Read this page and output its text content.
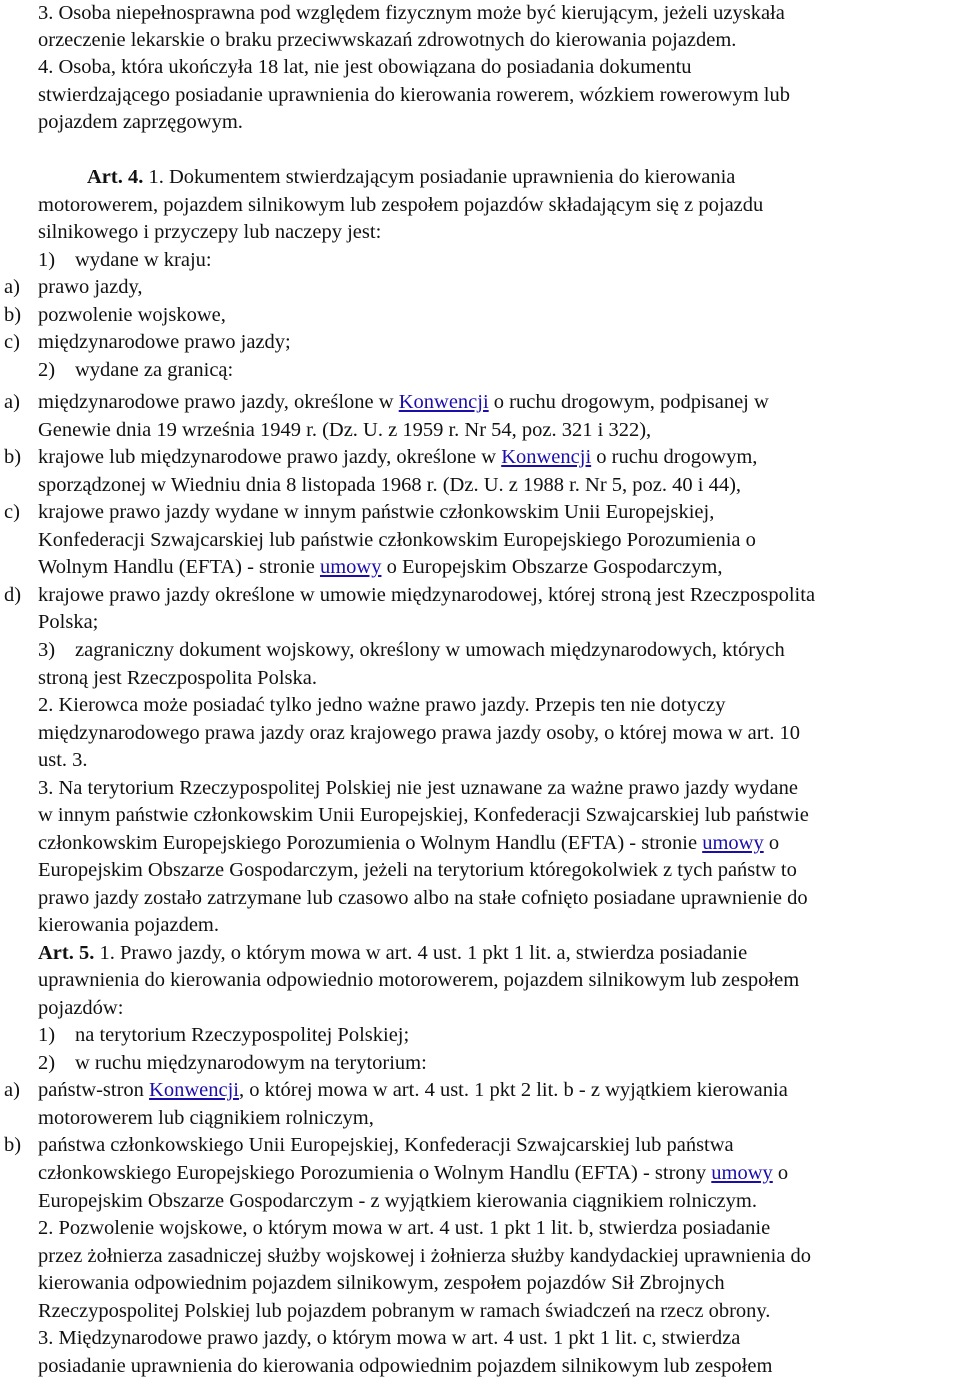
3. Osoba niepełnosprawna pod względem fizycznym może być kierującym, jeżeli uzyskała
orzeczenie lekarskie o braku przeciwwskazań zdrowotnych do kierowania pojazdem.
4. Osoba, która ukończyła 18 lat, nie jest obowiązana do posiadania dokumentu
stwierdzającego posiadanie uprawnienia do kierowania rowerem, wózkiem rowerowym lub
pojazdem zaprzęgowym.
Art. 4. 1. Dokumentem stwierdzającym posiadanie uprawnienia do kierowania
motorowerem, pojazdem silnikowym lub zespołem pojazdów składającym się z pojazdu
silnikowego i przyczepy lub naczepy jest:
1) wydane w kraju:
a) prawo jazdy,
b) pozwolenie wojskowe,
c) międzynarodowe prawo jazdy;
2) wydane za granicą:
a) międzynarodowe prawo jazdy, określone w Konwencji o ruchu drogowym, podpisanej w
Genewie dnia 19 września 1949 r. (Dz. U. z 1959 r. Nr 54, poz. 321 i 322),
b) krajowe lub międzynarodowe prawo jazdy, określone w Konwencji o ruchu drogowym,
sporządzonej w Wiedniu dnia 8 listopada 1968 r. (Dz. U. z 1988 r. Nr 5, poz. 40 i 44),
c) krajowe prawo jazdy wydane w innym państwie członkowskim Unii Europejskiej,
Konfederacji Szwajcarskiej lub państwie członkowskim Europejskiego Porozumienia o
Wolnym Handlu (EFTA) - stronie umowy o Europejskim Obszarze Gospodarczym,
d) krajowe prawo jazdy określone w umowie międzynarodowej, której stroną jest Rzeczpospolita
Polska;
3) zagraniczny dokument wojskowy, określony w umowach międzynarodowych, których
stroną jest Rzeczpospolita Polska.
2. Kierowca może posiadać tylko jedno ważne prawo jazdy. Przepis ten nie dotyczy
międzynarodowego prawa jazdy oraz krajowego prawa jazdy osoby, o której mowa w art. 10
ust. 3.
3. Na terytorium Rzeczypospolitej Polskiej nie jest uznawane za ważne prawo jazdy wydane
w innym państwie członkowskim Unii Europejskiej, Konfederacji Szwajcarskiej lub państwie
członkowskim Europejskiego Porozumienia o Wolnym Handlu (EFTA) - stronie umowy o
Europejskim Obszarze Gospodarczym, jeżeli na terytorium któregokolwiek z tych państw to
prawo jazdy zostało zatrzymane lub czasowo albo na stałe cofnięto posiadane uprawnienie do
kierowania pojazdem.
Art. 5. 1. Prawo jazdy, o którym mowa w art. 4 ust. 1 pkt 1 lit. a, stwierdza posiadanie
uprawnienia do kierowania odpowiednio motorowerem, pojazdem silnikowym lub zespołem
pojazdów:
1) na terytorium Rzeczypospolitej Polskiej;
2) w ruchu międzynarodowym na terytorium:
a) państw-stron Konwencji, o której mowa w art. 4 ust. 1 pkt 2 lit. b - z wyjątkiem kierowania
motorowerem lub ciągnikiem rolniczym,
b) państwa członkowskiego Unii Europejskiej, Konfederacji Szwajcarskiej lub państwa
członkowskiego Europejskiego Porozumienia o Wolnym Handlu (EFTA) - strony umowy o
Europejskim Obszarze Gospodarczym - z wyjątkiem kierowania ciągnikiem rolniczym.
2. Pozwolenie wojskowe, o którym mowa w art. 4 ust. 1 pkt 1 lit. b, stwierdza posiadanie
przez żołnierza zasadniczej służby wojskowej i żołnierza służby kandydackiej uprawnienia do
kierowania odpowiednim pojazdem silnikowym, zespołem pojazdów Sił Zbrojnych
Rzeczypospolitej Polskiej lub pojazdem pobranym w ramach świadczeń na rzecz obrony.
3. Międzynarodowe prawo jazdy, o którym mowa w art. 4 ust. 1 pkt 1 lit. c, stwierdza
posiadanie uprawnienia do kierowania odpowiednim pojazdem silnikowym lub zespołem
